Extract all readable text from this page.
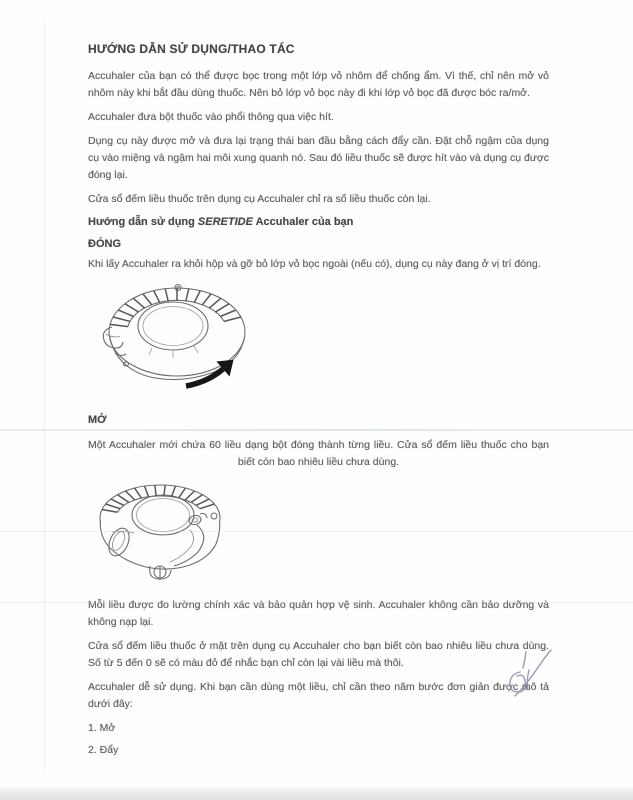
HƯỚNG DẪN SỬ DỤNG/THAO TÁC

Accuhaler của bạn có thể được bọc trong một lớp vỏ nhôm để chống ẩm. Vì thế, chỉ nên mở vỏ nhôm này khi bắt đầu dùng thuốc. Nên bỏ lớp vỏ bọc này đi khi lớp vỏ bọc đã được bóc ra/mở.

Accuhaler đưa bột thuốc vào phổi thông qua việc hít.

Dụng cụ này được mở và đưa lại trạng thái ban đầu bằng cách đẩy cần. Đặt chỗ ngậm của dụng cụ vào miệng và ngậm hai môi xung quanh nó. Sau đó liều thuốc sẽ được hít vào và dụng cụ được đóng lại.

Cửa sổ đếm liều thuốc trên dụng cụ Accuhaler chỉ ra số liều thuốc còn lại.

Hướng dẫn sử dụng SERETIDE Accuhaler của bạn
ĐÓNG

Khi lấy Accuhaler ra khỏi hộp và gỡ bỏ lớp vỏ bọc ngoài (nếu có), dụng cụ này đang ở vị trí đóng.

MỞ

Một Accuhaler mới chứa 60 liều dạng bột đóng thành từng liều. Cửa sổ đếm liều thuốc cho bạn biết còn bao nhiêu liều chưa dùng.

Mỗi liều được đo lường chính xác và bảo quản hợp vệ sinh. Accuhaler không cần bảo dưỡng và không nạp lại.

Cửa sổ đếm liều thuốc ở mặt trên dụng cụ Accuhaler cho bạn biết còn bao nhiêu liều chưa dùng. Số từ 5 đến 0 sẽ có màu đỏ để nhắc bạn chỉ còn lại vài liều mà thôi.

Accuhaler dễ sử dụng. Khi bạn cần dùng một liều, chỉ cần theo năm bước đơn giản được mô tả dưới đây:

1. Mở

2. Đẩy
